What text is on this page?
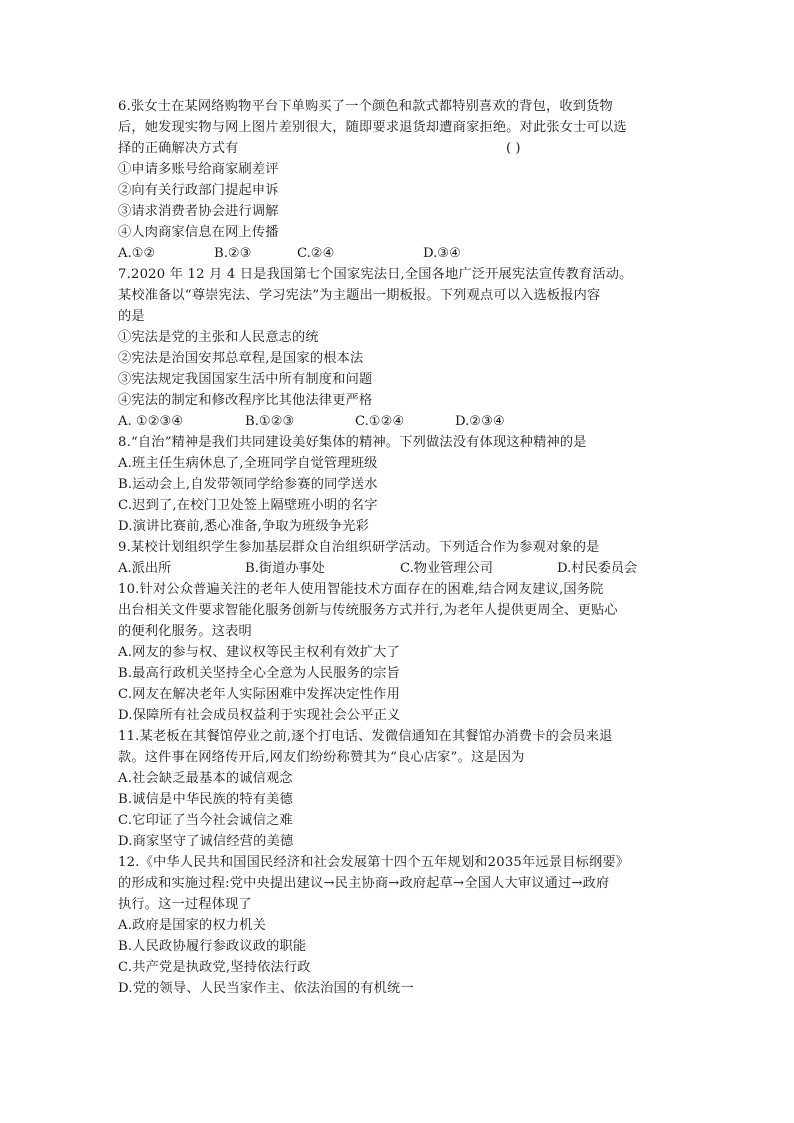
6.张女士在某网络购物平台下单购买了一个颜色和款式都特别喜欢的背包，收到货物
后，她发现实物与网上图片差别很大，随即要求退货却遭商家拒绝。对此张女士可以选
择的正确解决方式有	( )
①申请多账号给商家刷差评
②向有关行政部门提起申诉
③请求消费者协会进行调解
④人肉商家信息在网上传播
A.①②	B.②③	C.②④	D.③④
7.2020 年 12 月 4 日是我国第七个国家宪法日,全国各地广泛开展宪法宣传教育活动。
某校准备以“尊崇宪法、学习宪法”为主题出一期板报。下列观点可以入选板报内容
的是
①宪法是党的主张和人民意志的统
②宪法是治国安邦总章程,是国家的根本法
③宪法规定我国国家生活中所有制度和问题
④宪法的制定和修改程序比其他法律更严格
A. ①②③④	B.①②③	C.①②④	D.②③④
8.“自治”精神是我们共同建设美好集体的精神。下列做法没有体现这种精神的是
A.班主任生病休息了,全班同学自觉管理班级
B.运动会上,自发带领同学给参赛的同学送水
C.迟到了,在校门卫处签上隔壁班小明的名字
D.演讲比赛前,悉心准备,争取为班级争光彩
9.某校计划组织学生参加基层群众自治组织研学活动。下列适合作为参观对象的是
A.派出所	B.街道办事处	C.物业管理公司	D.村民委员会
10.针对公众普遍关注的老年人使用智能技术方面存在的困难,结合网友建议,国务院
出台相关文件要求智能化服务创新与传统服务方式并行,为老年人提供更周全、更贴心
的便利化服务。这表明
A.网友的参与权、建议权等民主权利有效扩大了
B.最高行政机关坚持全心全意为人民服务的宗旨
C.网友在解决老年人实际困难中发挥决定性作用
D.保障所有社会成员权益利于实现社会公平正义
11.某老板在其餐馆停业之前,逐个打电话、发微信通知在其餐馆办消费卡的会员来退
款。这件事在网络传开后,网友们纷纷称赞其为“良心店家”。这是因为
A.社会缺乏最基本的诚信观念
B.诚信是中华民族的特有美德
C.它印证了当今社会诚信之难
D.商家坚守了诚信经营的美德
12.《中华人民共和国国民经济和社会发展第十四个五年规划和2035年远景目标纲要》
的形成和实施过程:党中央提出建议→民主协商→政府起草→全国人大审议通过→政府
执行。这一过程体现了
A.政府是国家的权力机关
B.人民政协履行参政议政的职能
C.共产党是执政党,坚持依法行政
D.党的领导、人民当家作主、依法治国的有机统一
